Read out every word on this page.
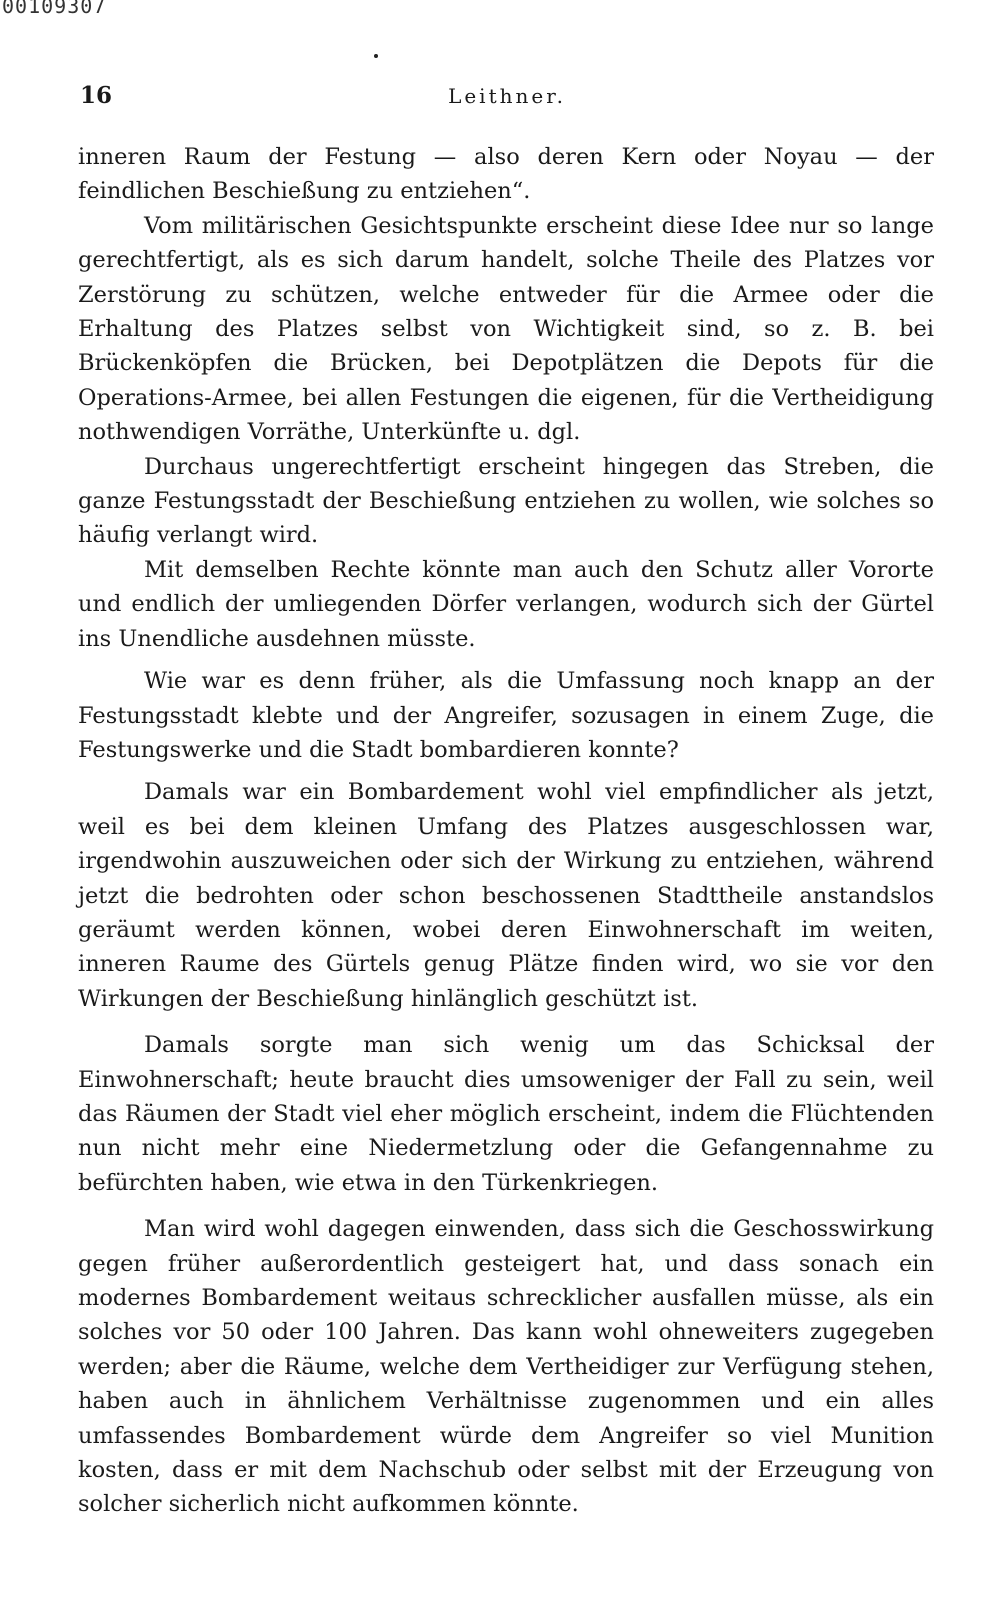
00109307
16	Leithner.

inneren Raum der Festung — also deren Kern oder Noyau — der feindlichen Beschießung zu entziehen“.

Vom militärischen Gesichtspunkte erscheint diese Idee nur so lange gerechtfertigt, als es sich darum handelt, solche Theile des Platzes vor Zerstörung zu schützen, welche entweder für die Armee oder die Erhaltung des Platzes selbst von Wichtigkeit sind, so z. B. bei Brückenköpfen die Brücken, bei Depotplätzen die Depots für die Operations-Armee, bei allen Festungen die eigenen, für die Vertheidigung nothwendigen Vorräthe, Unterkünfte u. dgl.

Durchaus ungerechtfertigt erscheint hingegen das Streben, die ganze Festungsstadt der Beschießung entziehen zu wollen, wie solches so häufig verlangt wird.

Mit demselben Rechte könnte man auch den Schutz aller Vororte und endlich der umliegenden Dörfer verlangen, wodurch sich der Gürtel ins Unendliche ausdehnen müsste.

Wie war es denn früher, als die Umfassung noch knapp an der Festungsstadt klebte und der Angreifer, sozusagen in einem Zuge, die Festungswerke und die Stadt bombardieren konnte?

Damals war ein Bombardement wohl viel empfindlicher als jetzt, weil es bei dem kleinen Umfang des Platzes ausgeschlossen war, irgendwohin auszuweichen oder sich der Wirkung zu entziehen, während jetzt die bedrohten oder schon beschossenen Stadttheile anstandslos geräumt werden können, wobei deren Einwohnerschaft im weiten, inneren Raume des Gürtels genug Plätze finden wird, wo sie vor den Wirkungen der Beschießung hinlänglich geschützt ist.

Damals sorgte man sich wenig um das Schicksal der Einwohnerschaft; heute braucht dies umsoweniger der Fall zu sein, weil das Räumen der Stadt viel eher möglich erscheint, indem die Flüchtenden nun nicht mehr eine Niedermetzlung oder die Gefangennahme zu befürchten haben, wie etwa in den Türkenkriegen.

Man wird wohl dagegen einwenden, dass sich die Geschosswirkung gegen früher außerordentlich gesteigert hat, und dass sonach ein modernes Bombardement weitaus schrecklicher ausfallen müsse, als ein solches vor 50 oder 100 Jahren. Das kann wohl ohneweiters zugegeben werden; aber die Räume, welche dem Vertheidiger zur Verfügung stehen, haben auch in ähnlichem Verhältnisse zugenommen und ein alles umfassendes Bombardement würde dem Angreifer so viel Munition kosten, dass er mit dem Nachschub oder selbst mit der Erzeugung von solcher sicherlich nicht aufkommen könnte.
